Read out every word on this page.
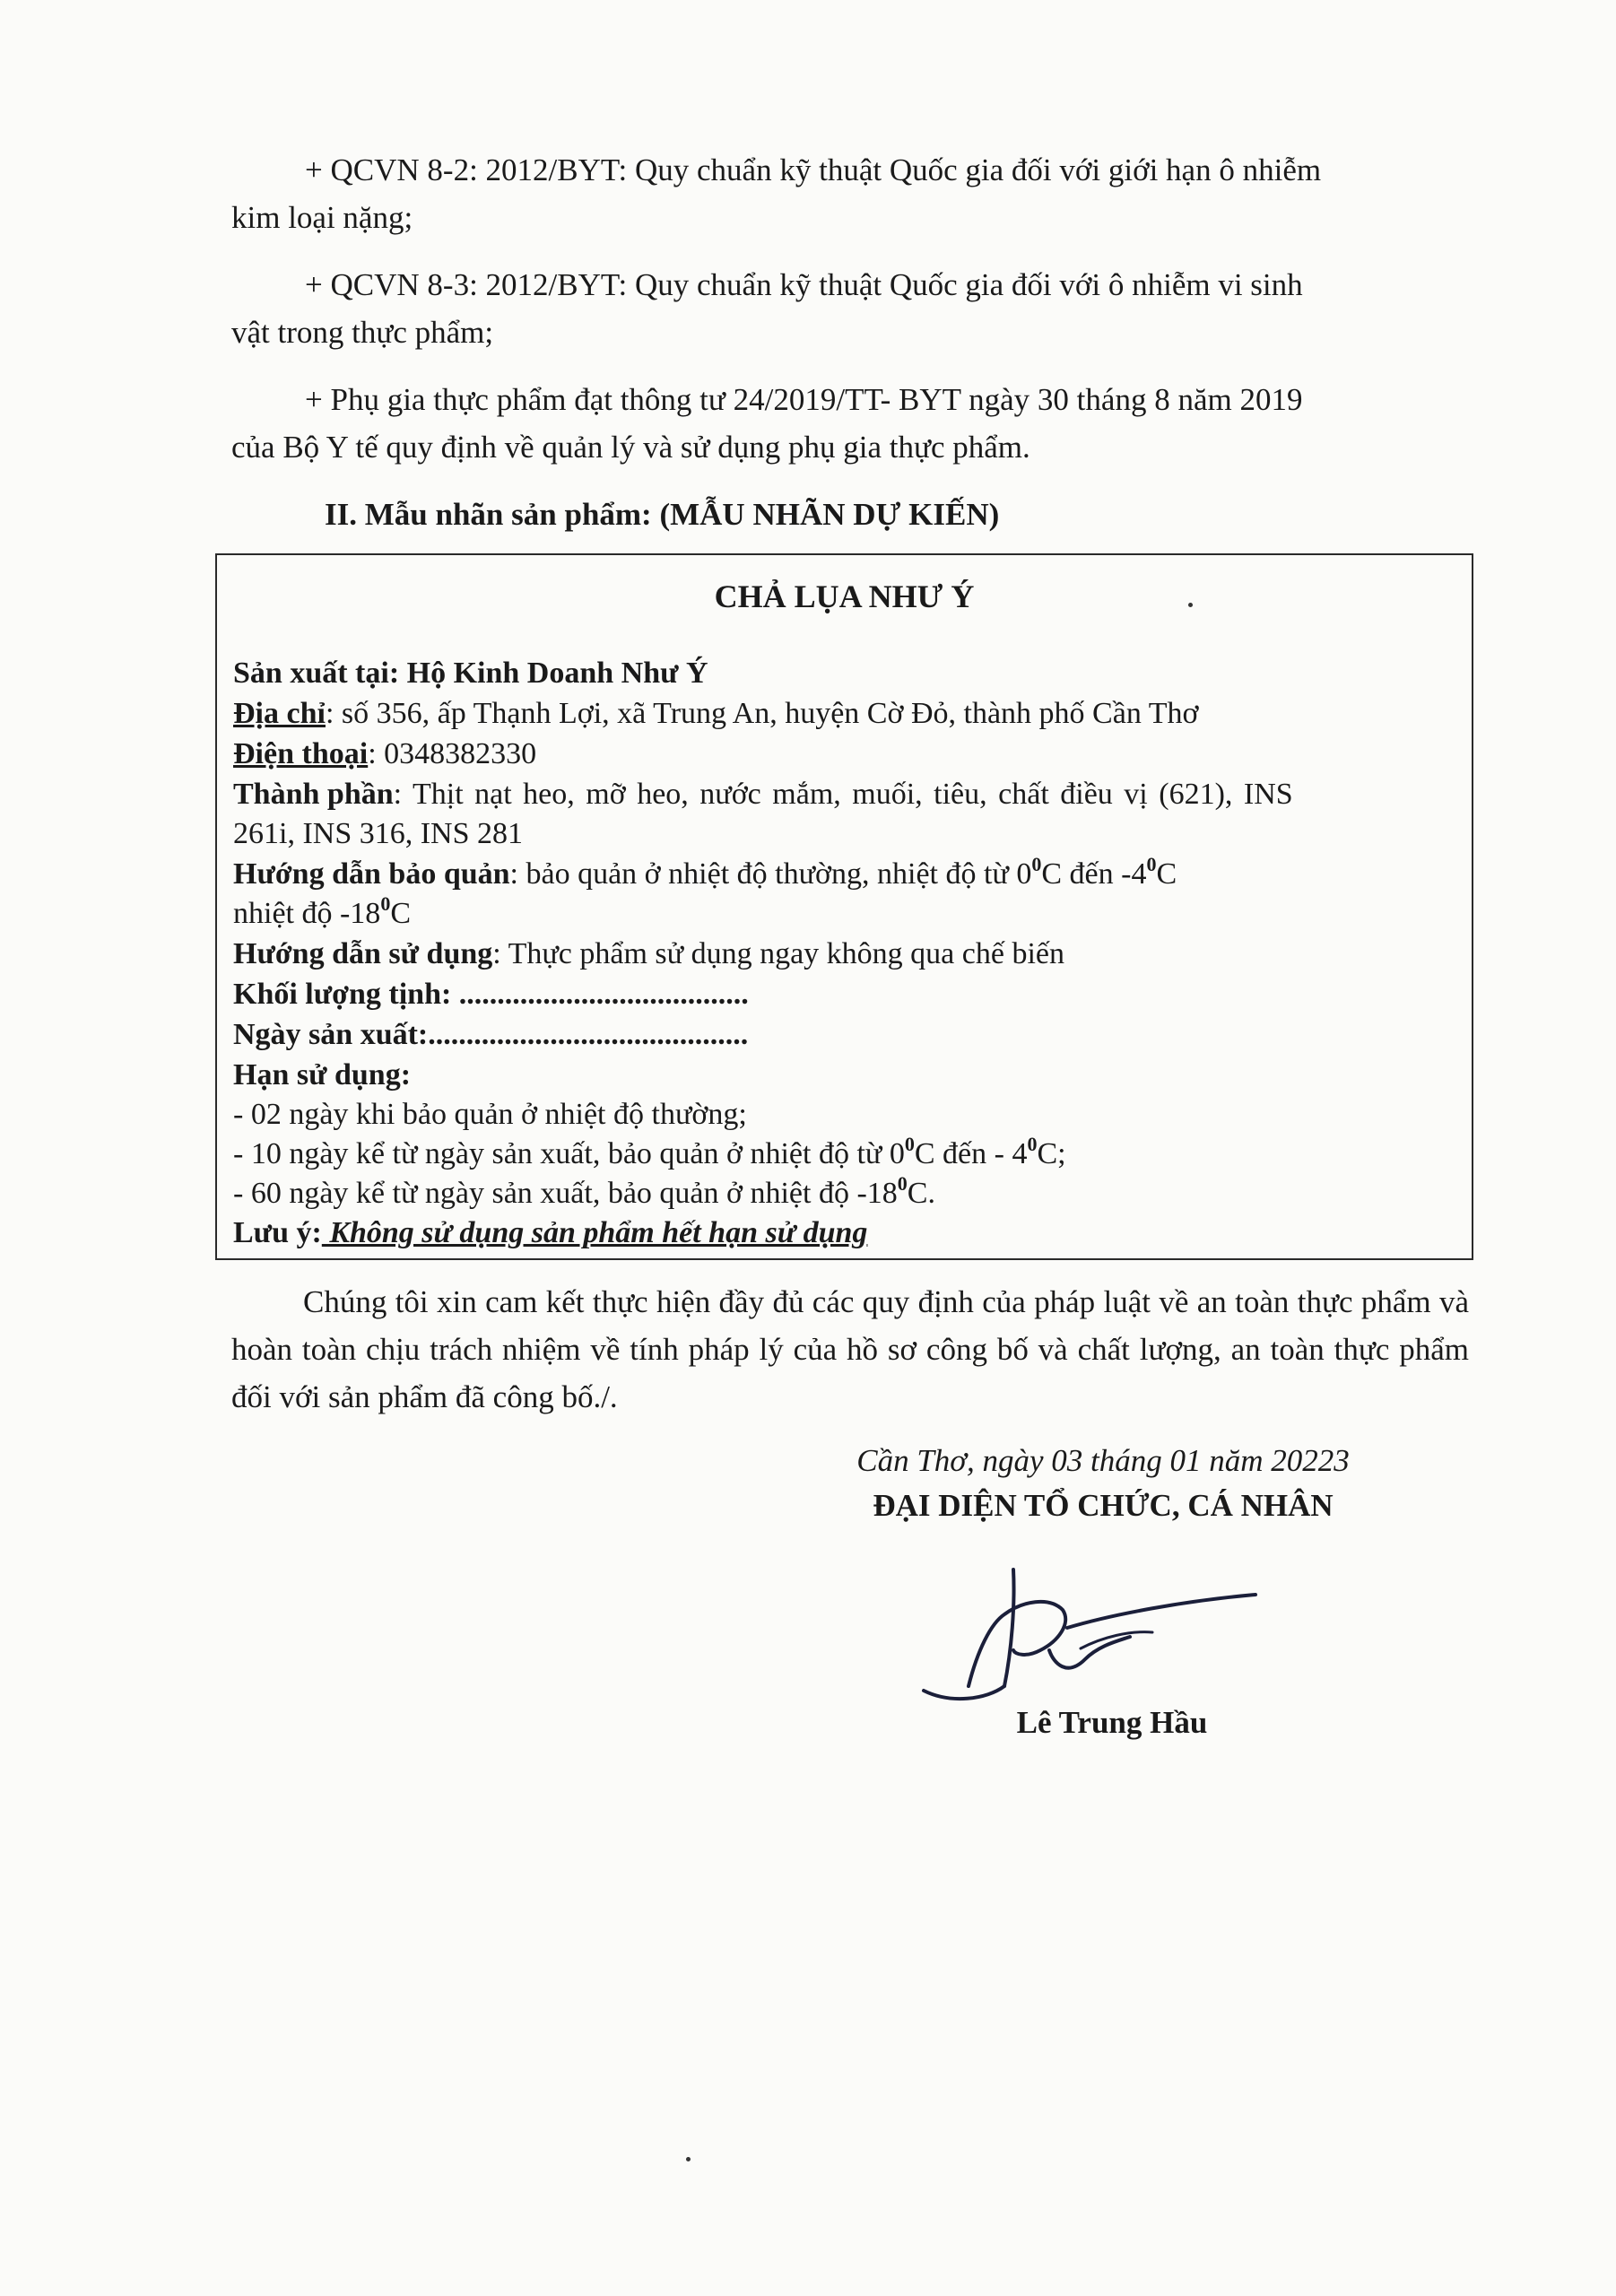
+ QCVN 8-2: 2012/BYT: Quy chuẩn kỹ thuật Quốc gia đối với giới hạn ô nhiễm
kim loại nặng;
+ QCVN 8-3: 2012/BYT: Quy chuẩn kỹ thuật Quốc gia đối với ô nhiễm vi sinh
vật trong thực phẩm;
+ Phụ gia thực phẩm đạt thông tư 24/2019/TT- BYT ngày 30 tháng 8 năm 2019
của Bộ Y tế quy định về quản lý và sử dụng phụ gia thực phẩm.
II. Mẫu nhãn sản phẩm: (MẪU NHÃN DỰ KIẾN)
CHẢ LỤA NHƯ Ý
Sản xuất tại: Hộ Kinh Doanh Như Ý
Địa chỉ: số 356, ấp Thạnh Lợi, xã Trung An, huyện Cờ Đỏ, thành phố Cần Thơ
Điện thoại: 0348382330
Thành phần: Thịt nạt heo, mỡ heo, nước mắm, muối, tiêu, chất điều vị (621), INS
261i, INS 316, INS 281
Hướng dẫn bảo quản: bảo quản ở nhiệt độ thường, nhiệt độ từ $0^0C$ đến $-4^0C$
nhiệt độ $-18^0C$
Hướng dẫn sử dụng: Thực phẩm sử dụng ngay không qua chế biến
Khối lượng tịnh: ......................................
Ngày sản xuất:..........................................
Hạn sử dụng:
- 02 ngày khi bảo quản ở nhiệt độ thường;
- 10 ngày kể từ ngày sản xuất, bảo quản ở nhiệt độ từ $0^0C$ đến - $4^0C$;
- 60 ngày kể từ ngày sản xuất, bảo quản ở nhiệt độ $-18^0C$.
Lưu ý: Không sử dụng sản phẩm hết hạn sử dụng
Chúng tôi xin cam kết thực hiện đầy đủ các quy định của pháp luật về an toàn thực phẩm và hoàn toàn chịu trách nhiệm về tính pháp lý của hồ sơ công bố và chất lượng, an toàn thực phẩm đối với sản phẩm đã công bố./.
Cần Thơ, ngày 03 tháng 01 năm 20223
ĐẠI DIỆN TỔ CHỨC, CÁ NHÂN
Lê Trung Hầu
